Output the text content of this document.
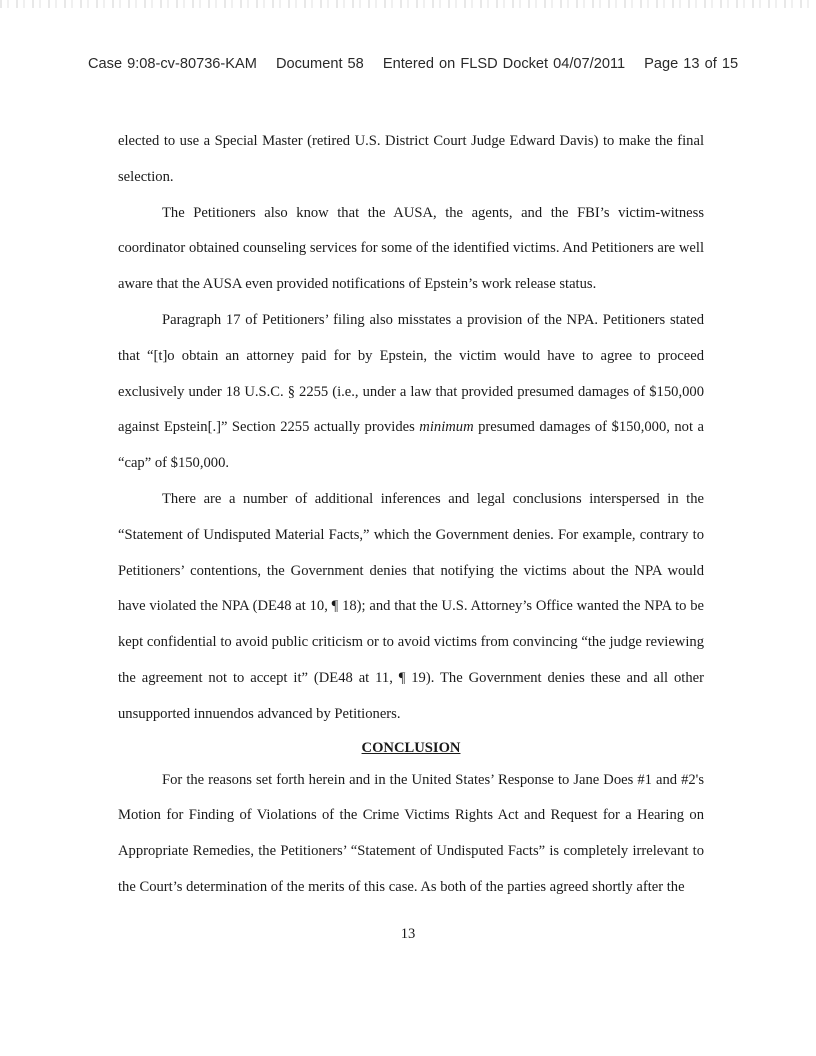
Case 9:08-cv-80736-KAM Document 58 Entered on FLSD Docket 04/07/2011 Page 13 of 15

elected to use a Special Master (retired U.S. District Court Judge Edward Davis) to make the final selection.

The Petitioners also know that the AUSA, the agents, and the FBI’s victim-witness coordinator obtained counseling services for some of the identified victims. And Petitioners are well aware that the AUSA even provided notifications of Epstein’s work release status.

Paragraph 17 of Petitioners’ filing also misstates a provision of the NPA. Petitioners stated that “[t]o obtain an attorney paid for by Epstein, the victim would have to agree to proceed exclusively under 18 U.S.C. § 2255 (i.e., under a law that provided presumed damages of $150,000 against Epstein[.]” Section 2255 actually provides minimum presumed damages of $150,000, not a “cap” of $150,000.

There are a number of additional inferences and legal conclusions interspersed in the “Statement of Undisputed Material Facts,” which the Government denies. For example, contrary to Petitioners’ contentions, the Government denies that notifying the victims about the NPA would have violated the NPA (DE48 at 10, ¶ 18); and that the U.S. Attorney’s Office wanted the NPA to be kept confidential to avoid public criticism or to avoid victims from convincing “the judge reviewing the agreement not to accept it” (DE48 at 11, ¶ 19). The Government denies these and all other unsupported innuendos advanced by Petitioners.

CONCLUSION

For the reasons set forth herein and in the United States’ Response to Jane Does #1 and #2's Motion for Finding of Violations of the Crime Victims Rights Act and Request for a Hearing on Appropriate Remedies, the Petitioners’ “Statement of Undisputed Facts” is completely irrelevant to the Court’s determination of the merits of this case. As both of the parties agreed shortly after the

13
